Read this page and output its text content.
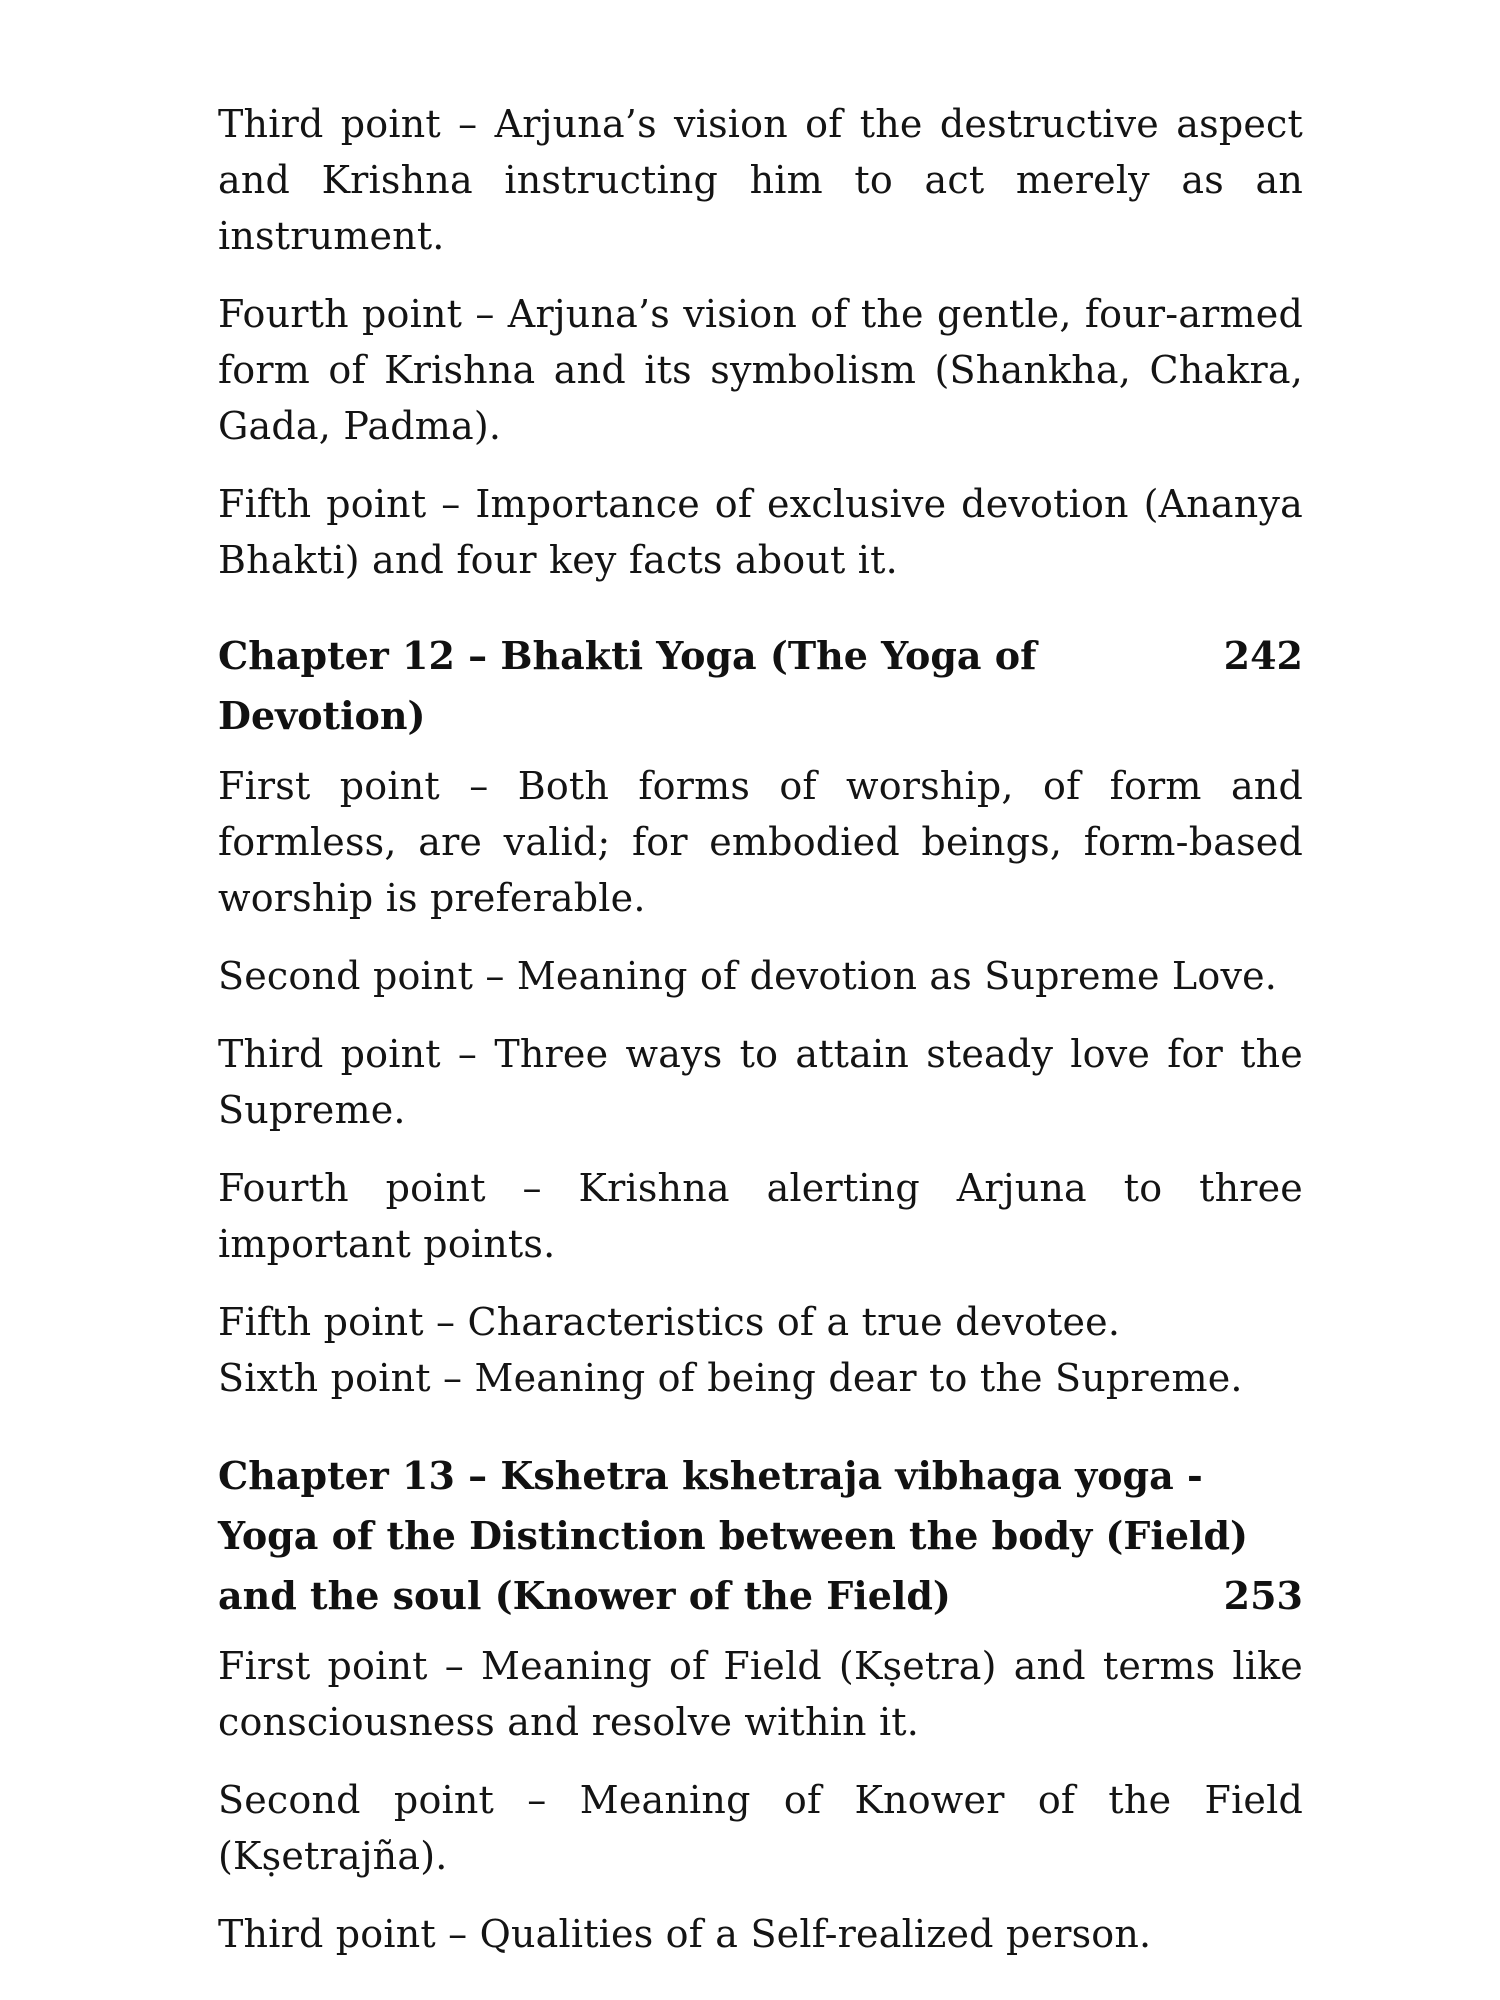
Third point – Arjuna’s vision of the destructive aspect and Krishna instructing him to act merely as an instrument.

Fourth point – Arjuna’s vision of the gentle, four-armed form of Krishna and its symbolism (Shankha, Chakra, Gada, Padma).

Fifth point – Importance of exclusive devotion (Ananya Bhakti) and four key facts about it.

Chapter 12 – Bhakti Yoga (The Yoga of Devotion)
242

First point – Both forms of worship, of form and formless, are valid; for embodied beings, form-based worship is preferable.

Second point – Meaning of devotion as Supreme Love.

Third point – Three ways to attain steady love for the Supreme.

Fourth point – Krishna alerting Arjuna to three important points.

Fifth point – Characteristics of a true devotee.

Sixth point – Meaning of being dear to the Supreme.

Chapter 13 – Kshetra kshetraja vibhaga yoga -
Yoga of the Distinction between the body (Field)
and the soul (Knower of the Field)	253

First point – Meaning of Field (Kṣetra) and terms like consciousness and resolve within it.

Second point – Meaning of Knower of the Field (Kṣetrajña).

Third point – Qualities of a Self-realized person.
